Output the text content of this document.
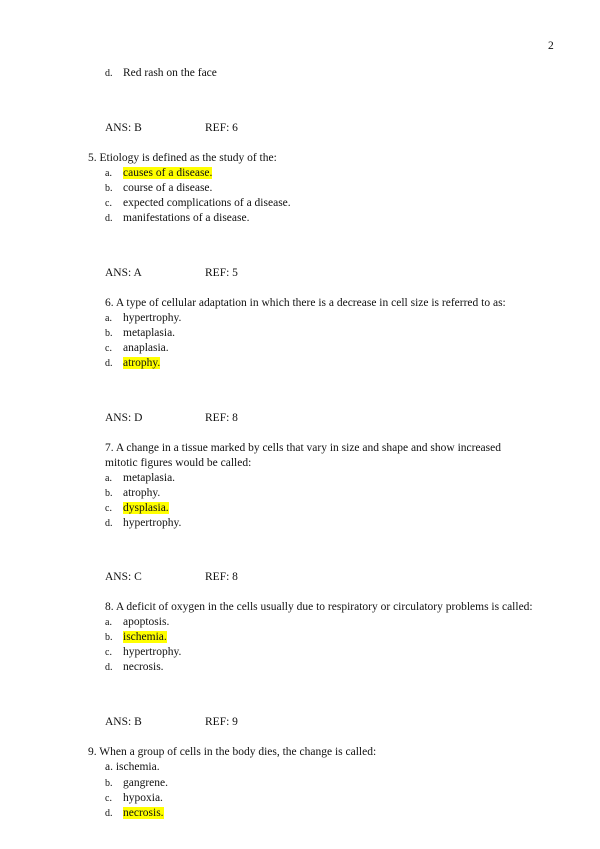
2
d. Red rash on the face
ANS: B	REF: 6
5. Etiology is defined as the study of the:
a. causes of a disease.
b. course of a disease.
c. expected complications of a disease.
d. manifestations of a disease.
ANS: A	REF: 5
6. A type of cellular adaptation in which there is a decrease in cell size is referred to as:
a. hypertrophy.
b. metaplasia.
c. anaplasia.
d. atrophy.
ANS: D	REF: 8
7. A change in a tissue marked by cells that vary in size and shape and show increased
mitotic figures would be called:
a. metaplasia.
b. atrophy.
c. dysplasia.
d. hypertrophy.
ANS: C	REF: 8
8. A deficit of oxygen in the cells usually due to respiratory or circulatory problems is called:
a. apoptosis.
b. ischemia.
c. hypertrophy.
d. necrosis.
ANS: B	REF: 9
9. When a group of cells in the body dies, the change is called:
a. ischemia.
b. gangrene.
c. hypoxia.
d. necrosis.
